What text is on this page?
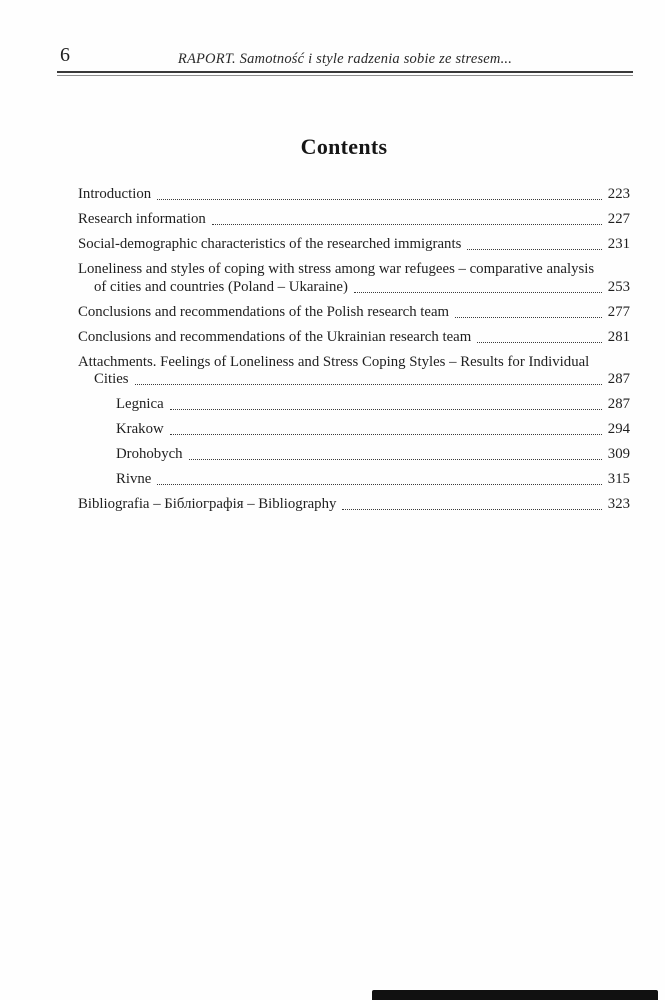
6	RAPORT. Samotność i style radzenia sobie ze stresem...
Contents
Introduction	223
Research information	227
Social-demographic characteristics of the researched immigrants	231
Loneliness and styles of coping with stress among war refugees – comparative analysis
of cities and countries (Poland – Ukaraine)	253
Conclusions and recommendations of the Polish research team	277
Conclusions and recommendations of the Ukrainian research team	281
Attachments. Feelings of Loneliness and Stress Coping Styles – Results for Individual
Cities	287
Legnica	287
Krakow	294
Drohobych	309
Rivne	315
Bibliografia – Бібліографія – Bibliography	323
